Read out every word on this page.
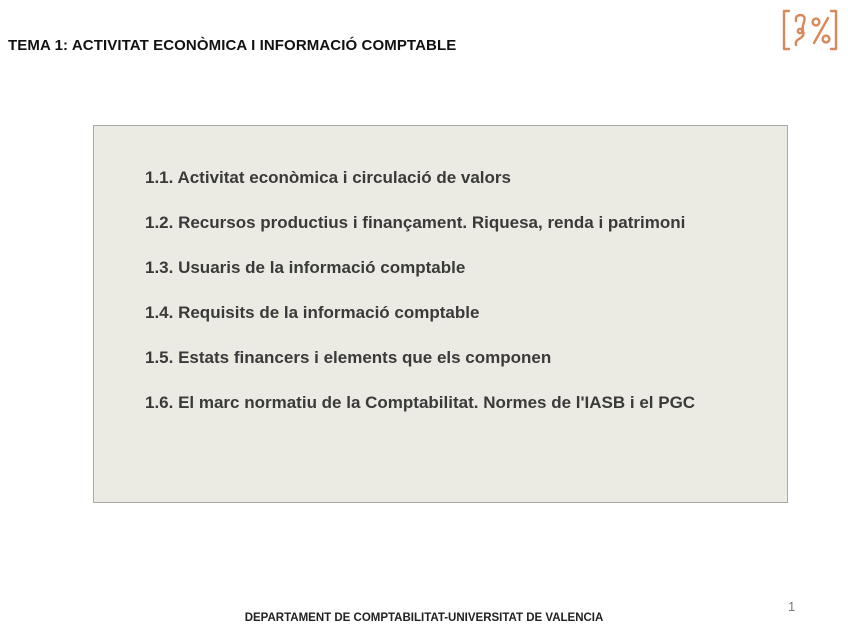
TEMA 1: ACTIVITAT ECONÒMICA I INFORMACIÓ COMPTABLE
1.1. Activitat econòmica i circulació de valors
1.2. Recursos productius i finançament. Riquesa, renda i patrimoni
1.3. Usuaris de la informació comptable
1.4. Requisits de la informació comptable
1.5. Estats financers i elements que els componen
1.6. El marc normatiu de la Comptabilitat. Normes de l'IASB i el PGC
1
DEPARTAMENT DE COMPTABILITAT-UNIVERSITAT DE VALENCIA
